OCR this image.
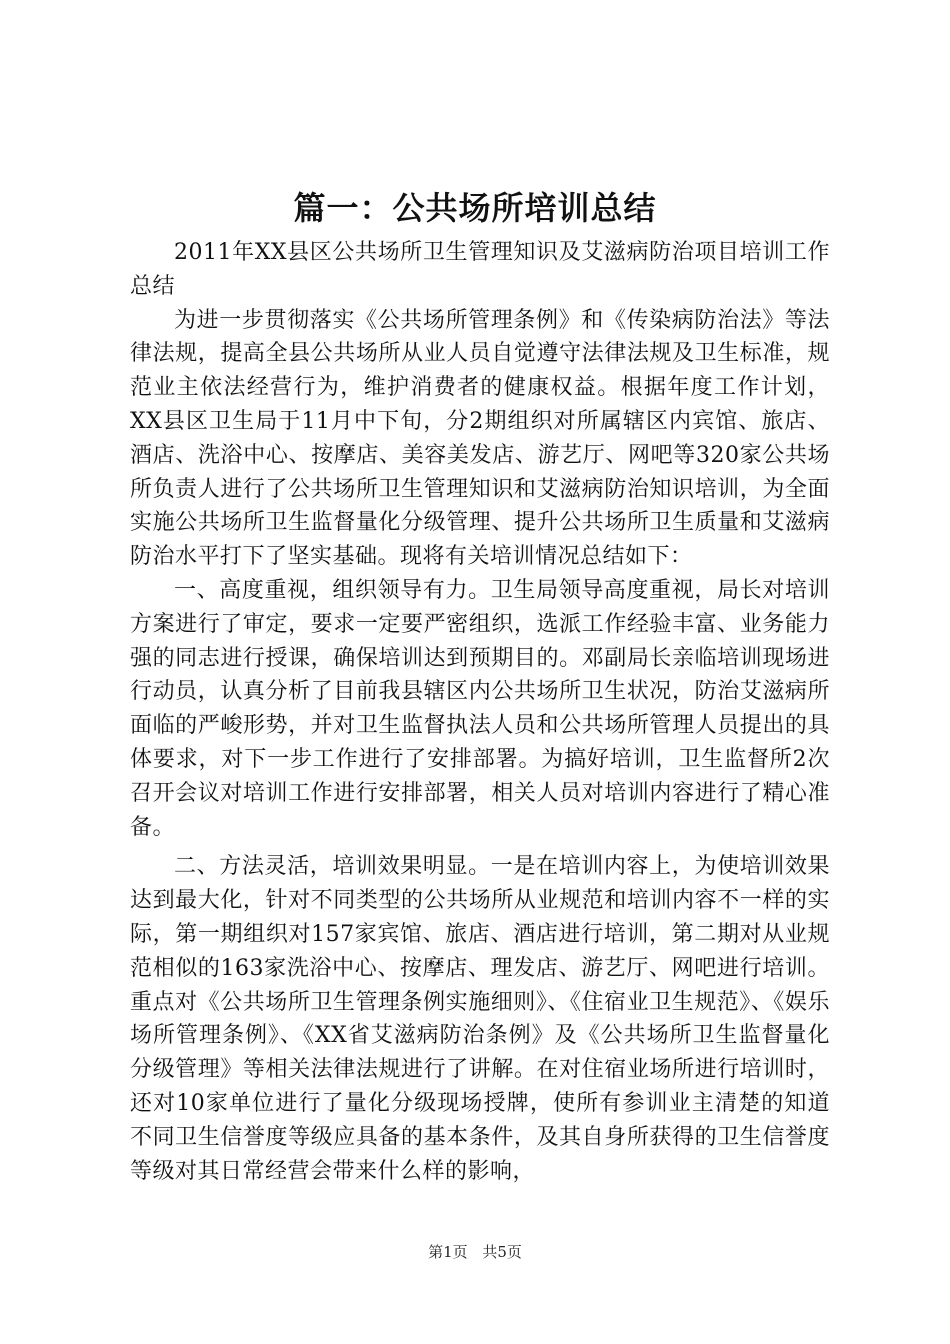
篇一：公共场所培训总结

2011年XX县区公共场所卫生管理知识及艾滋病防治项目培训工作总结

为进一步贯彻落实《公共场所管理条例》和《传染病防治法》等法律法规，提高全县公共场所从业人员自觉遵守法律法规及卫生标准，规范业主依法经营行为，维护消费者的健康权益。根据年度工作计划，XX县区卫生局于11月中下旬，分2期组织对所属辖区内宾馆、旅店、酒店、洗浴中心、按摩店、美容美发店、游艺厅、网吧等320家公共场所负责人进行了公共场所卫生管理知识和艾滋病防治知识培训，为全面实施公共场所卫生监督量化分级管理、提升公共场所卫生质量和艾滋病防治水平打下了坚实基础。现将有关培训情况总结如下：

一、高度重视，组织领导有力。卫生局领导高度重视，局长对培训方案进行了审定，要求一定要严密组织，选派工作经验丰富、业务能力强的同志进行授课，确保培训达到预期目的。邓副局长亲临培训现场进行动员，认真分析了目前我县辖区内公共场所卫生状况，防治艾滋病所面临的严峻形势，并对卫生监督执法人员和公共场所管理人员提出的具体要求，对下一步工作进行了安排部署。为搞好培训，卫生监督所2次召开会议对培训工作进行安排部署，相关人员对培训内容进行了精心准备。

二、方法灵活，培训效果明显。一是在培训内容上，为使培训效果达到最大化，针对不同类型的公共场所从业规范和培训内容不一样的实际，第一期组织对157家宾馆、旅店、酒店进行培训，第二期对从业规范相似的163家洗浴中心、按摩店、理发店、游艺厅、网吧进行培训。重点对《公共场所卫生管理条例实施细则》、《住宿业卫生规范》、《娱乐场所管理条例》、《XX省艾滋病防治条例》及《公共场所卫生监督量化分级管理》等相关法律法规进行了讲解。在对住宿业场所进行培训时，还对10家单位进行了量化分级现场授牌，使所有参训业主清楚的知道不同卫生信誉度等级应具备的基本条件，及其自身所获得的卫生信誉度等级对其日常经营会带来什么样的影响，

第1页 共5页
